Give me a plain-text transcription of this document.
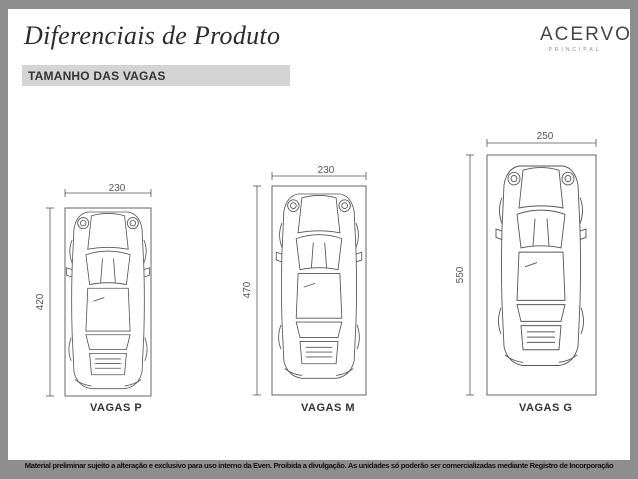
Diferenciais de Produto	ACERVO
PRINCIPAL
TAMANHO DAS VAGAS
230
420
230
470
250
550
VAGAS P	VAGAS M	VAGAS G
Material preliminar sujeito a alteração e exclusivo para uso interno da Even. Proibida a divulgação. As unidades só poderão ser comercializadas mediante Registro de Incorporação
